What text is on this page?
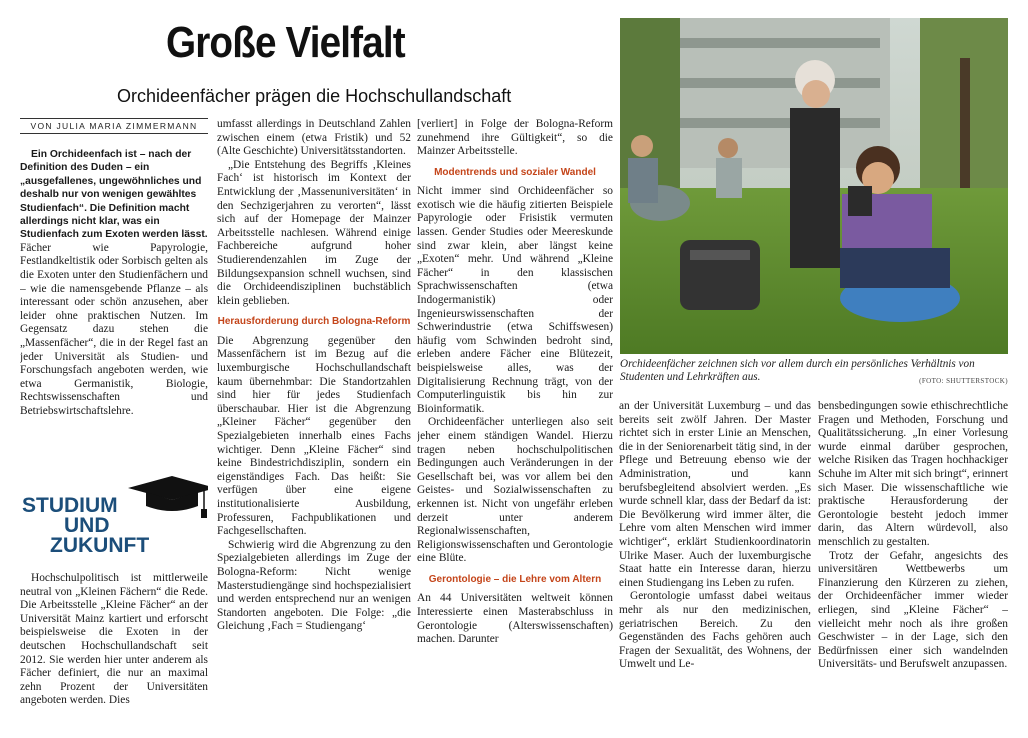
Große Vielfalt

Orchideenfächer prägen die Hochschullandschaft

VON JULIA MARIA ZIMMERMANN

Ein Orchideenfach ist – nach der Definition des Duden – ein „ausgefallenes, ungewöhnliches und deshalb nur von wenigen gewähltes Studienfach“. Die Definition macht allerdings nicht klar, was ein Studienfach zum Exoten werden lässt.

Fächer wie Papyrologie, Festlandkeltistik oder Sorbisch gelten als die Exoten unter den Studienfächern und – wie die namensgebende Pflanze – als interessant oder schön anzusehen, aber leider ohne praktischen Nutzen. Im Gegensatz dazu stehen die „Massenfächer“, die in der Regel fast an jeder Universität als Studien- und Forschungsfach angeboten werden, wie etwa Germanistik, Biologie, Rechtswissenschaften und Betriebswirtschaftslehre.

STUDIUM
UND
ZUKUNFT

Hochschulpolitisch ist mittlerweile neutral von „Kleinen Fächern“ die Rede. Die Arbeitsstelle „Kleine Fächer“ an der Universität Mainz kartiert und erforscht beispielsweise die Exoten in der deutschen Hochschullandschaft seit 2012. Sie werden hier unter anderem als Fächer definiert, die nur an maximal zehn Prozent der Universitäten angeboten werden. Dies

umfasst allerdings in Deutschland Zahlen zwischen einem (etwa Fristik) und 52 (Alte Geschichte) Universitätsstandorten.

„Die Entstehung des Begriffs ‚Kleines Fach‘ ist historisch im Kontext der Entwicklung der ‚Massenuniversitäten‘ in den Sechzigerjahren zu verorten“, lässt sich auf der Homepage der Mainzer Arbeitsstelle nachlesen. Während einige Fachbereiche aufgrund hoher Studierendenzahlen im Zuge der Bildungsexpansion schnell wuchsen, sind die Orchideendisziplinen buchstäblich klein geblieben.

Herausforderung durch Bologna-Reform

Die Abgrenzung gegenüber den Massenfächern ist im Bezug auf die luxemburgische Hochschullandschaft kaum übernehmbar: Die Standortzahlen sind hier für jedes Studienfach überschaubar. Hier ist die Abgrenzung „Kleiner Fächer“ gegenüber den Spezialgebieten innerhalb eines Fachs wichtiger. Denn „Kleine Fächer“ sind keine Bindestrichdisziplin, sondern ein eigenständiges Fach. Das heißt: Sie verfügen über eine eigene institutionalisierte Ausbildung, Professuren, Fachpublikationen und Fachgesellschaften.

Schwierig wird die Abgrenzung zu den Spezialgebieten allerdings im Zuge der Bologna-Reform: Nicht wenige Masterstudiengänge sind hochspezialisiert und werden entsprechend nur an wenigen Standorten angeboten. Die Folge: „die Gleichung ‚Fach = Studiengang‘

[verliert] in Folge der Bologna-Reform zunehmend ihre Gültigkeit“, so die Mainzer Arbeitsstelle.

Modentrends und sozialer Wandel

Nicht immer sind Orchideenfächer so exotisch wie die häufig zitierten Beispiele Papyrologie oder Frisistik vermuten lassen. Gender Studies oder Meereskunde sind zwar klein, aber längst keine „Exoten“ mehr. Und während „Kleine Fächer“ in den klassischen Sprachwissenschaften (etwa Indogermanistik) oder Ingenieurswissenschaften der Schwerindustrie (etwa Schiffswesen) häufig vom Schwinden bedroht sind, erleben andere Fächer eine Blütezeit, beispielsweise alles, was der Digitalisierung Rechnung trägt, von der Computerlinguistik bis hin zur Bioinformatik.

Orchideenfächer unterliegen also seit jeher einem ständigen Wandel. Hierzu tragen neben hochschulpolitischen Bedingungen auch Veränderungen in der Gesellschaft bei, was vor allem bei den Geistes- und Sozialwissenschaften zu erkennen ist. Nicht von ungefähr erleben derzeit unter anderem Regionalwissenschaften, Religionswissenschaften und Gerontologie eine Blüte.

Gerontologie – die Lehre vom Altern

An 44 Universitäten weltweit können Interessierte einen Masterabschluss in Gerontologie (Alterswissenschaften) machen. Darunter

Orchideenfächer zeichnen sich vor allem durch ein persönliches Verhältnis von Studenten und Lehrkräften aus.	(FOTO: SHUTTERSTOCK)

an der Universität Luxemburg – und das bereits seit zwölf Jahren. Der Master richtet sich in erster Linie an Menschen, die in der Seniorenarbeit tätig sind, in der Pflege und Betreuung ebenso wie der Administration, und kann berufsbegleitend absolviert werden. „Es wurde schnell klar, dass der Bedarf da ist: Die Bevölkerung wird immer älter, die Lehre vom alten Menschen wird immer wichtiger“, erklärt Studienkoordinatorin Ulrike Maser. Auch der luxemburgische Staat hatte ein Interesse daran, hierzu einen Studiengang ins Leben zu rufen.

Gerontologie umfasst dabei weitaus mehr als nur den medizinischen, geriatrischen Bereich. Zu den Gegenständen des Fachs gehören auch Fragen der Sexualität, des Wohnens, der Umwelt und Le-

bensbedingungen sowie ethischrechtliche Fragen und Methoden, Forschung und Qualitätssicherung. „In einer Vorlesung wurde einmal darüber gesprochen, welche Risiken das Tragen hochhackiger Schuhe im Alter mit sich bringt“, erinnert sich Maser. Die wissenschaftliche wie praktische Herausforderung der Gerontologie besteht jedoch immer darin, das Altern würdevoll, also menschlich zu gestalten.

Trotz der Gefahr, angesichts des universitären Wettbewerbs um Finanzierung den Kürzeren zu ziehen, der Orchideenfächer immer wieder erliegen, sind „Kleine Fächer“ – vielleicht mehr noch als ihre großen Geschwister – in der Lage, sich den Bedürfnissen einer sich wandelnden Universitäts- und Berufswelt anzupassen.
